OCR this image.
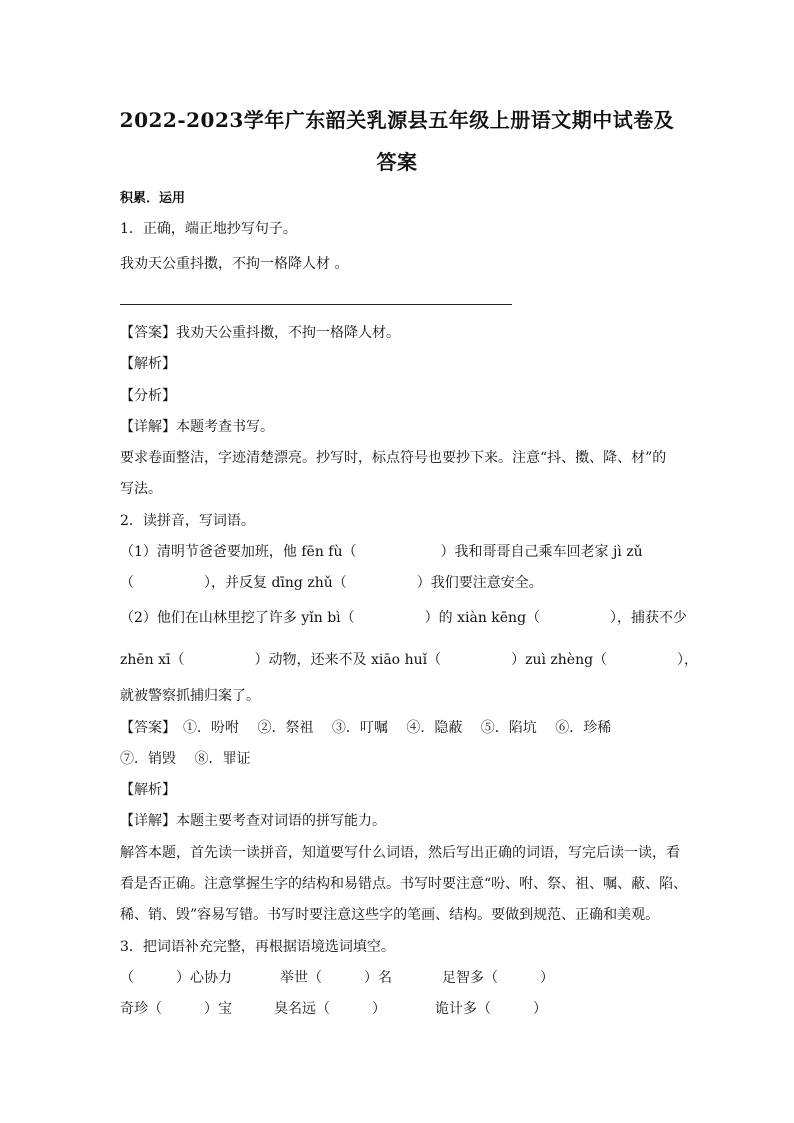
2022-2023学年广东韶关乳源县五年级上册语文期中试卷及
答案
积累．运用
1．正确，端正地抄写句子。
我劝天公重抖擞，不拘一格降人材 。
【答案】我劝天公重抖擞，不拘一格降人材。
【解析】
【分析】
【详解】本题考查书写。
要求卷面整洁，字迹清楚漂亮。抄写时，标点符号也要抄下来。注意“抖、擞、降、材”的
写法。
2．读拼音，写词语。
（1）清明节爸爸要加班，他 fēn fù（　　　　　　）我和哥哥自己乘车回老家 jì zǔ
（　　　　　），并反复 dīng zhǔ（　　　　　）我们要注意安全。
（2）他们在山林里挖了许多 yǐn bì（　　　　　）的 xiàn kēng（　　　　　），捕获不少
zhēn xī（　　　　　）动物，还来不及 xiāo huǐ（　　　　　）zuì zhèng（　　　　　），
就被警察抓捕归案了。
【答案】　①．吩咐　 ②．祭祖　 ③．叮嘱　 ④．隐蔽　 ⑤．陷坑　 ⑥．珍稀
⑦．销毁　 ⑧．罪证
【解析】
【详解】本题主要考查对词语的拼写能力。
解答本题，首先读一读拼音，知道要写什么词语，然后写出正确的词语，写完后读一读，看
看是否正确。注意掌握生字的结构和易错点。书写时要注意“吩、咐、祭、祖、嘱、蔽、陷、
稀、销、毁”容易写错。书写时要注意这些字的笔画、结构。要做到规范、正确和美观。
3．把词语补充完整，再根据语境选词填空。
（　　　）心协力	举世（　　　）名	足智多（　　　）
奇珍（　　　）宝	臭名远（　　　）	诡计多（　　　）
